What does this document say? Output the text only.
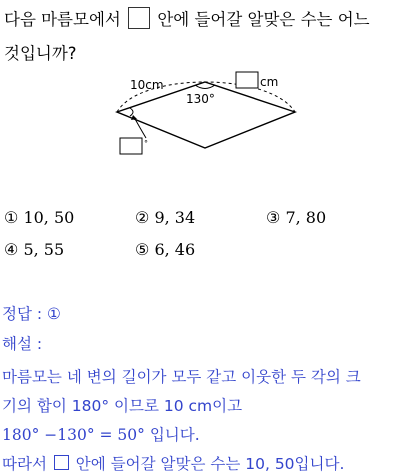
다음 마름모에서 안에 들어갈 알맞은 수는 어느
것입니까?
10cm
130°
cm
°
① 10, 50	② 9, 34	③ 7, 80
④ 5, 55	⑤ 6, 46
정답 : ①
해설 :
마름모는 네 변의 길이가 모두 같고 이웃한 두 각의 크
기의 합이 180° 이므로 10 cm이고
180° −130° = 50° 입니다.
따라서 안에 들어갈 알맞은 수는 10, 50입니다.
